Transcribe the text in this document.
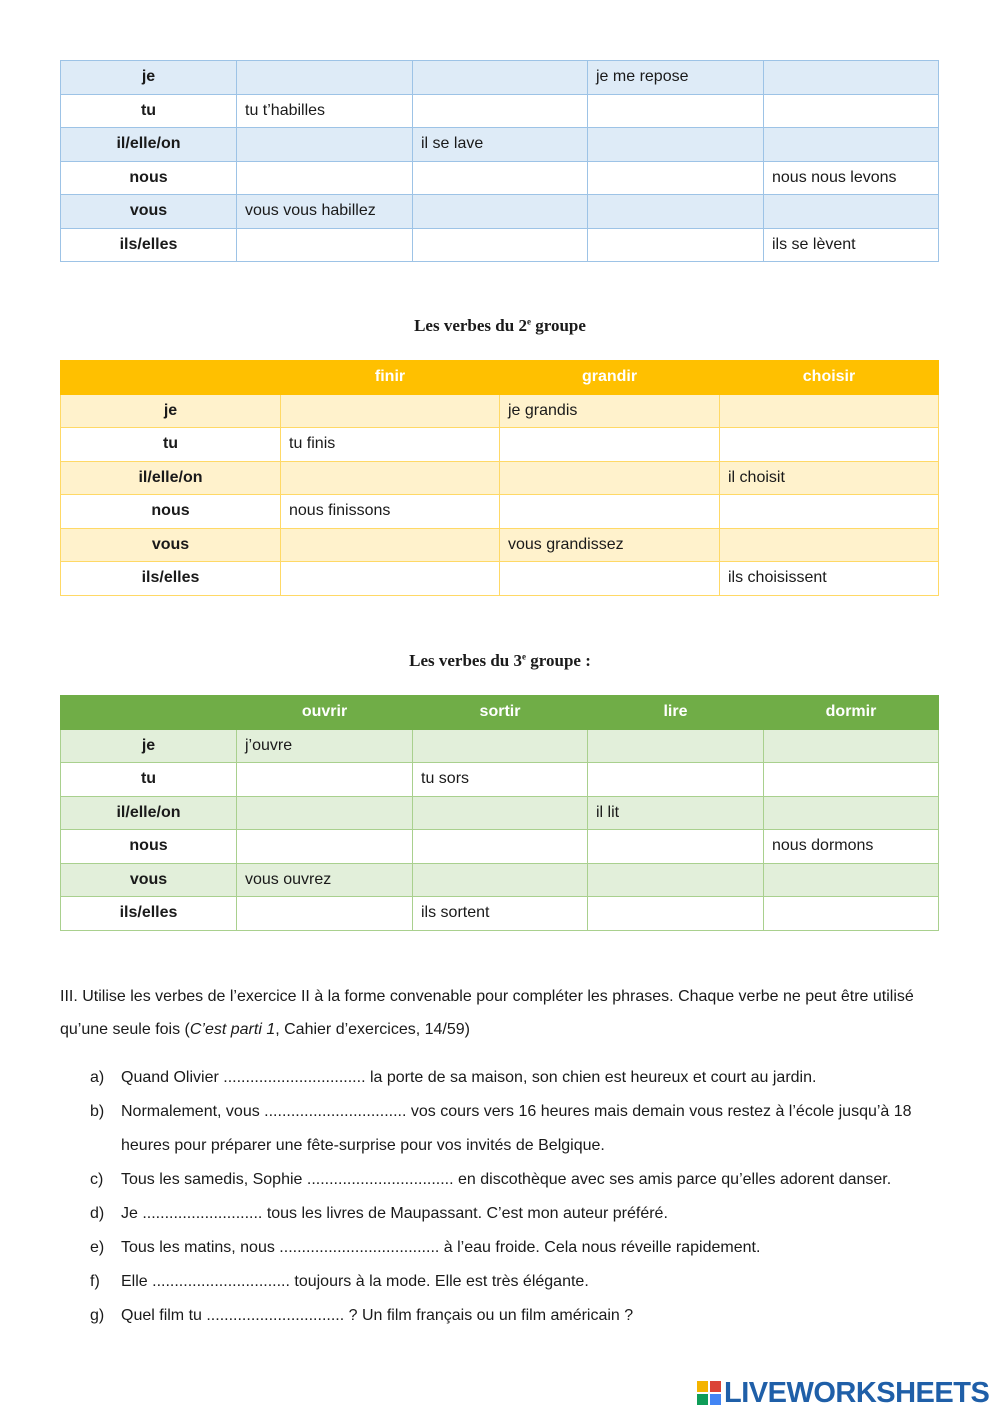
je			je me repose	
tu	tu t’habilles			
il/elle/on		il se lave		
nous				nous nous levons
vous	vous vous habillez			
ils/elles				ils se lèvent
Les verbes du 2e groupe
	finir	grandir	choisir
je		je grandis	
tu	tu finis		
il/elle/on			il choisit
nous	nous finissons		
vous		vous grandissez	
ils/elles			ils choisissent
Les verbes du 3e groupe :
	ouvrir	sortir	lire	dormir
je	j’ouvre			
tu		tu sors		
il/elle/on			il lit	
nous				nous dormons
vous	vous ouvrez			
ils/elles		ils sortent		
III. Utilise les verbes de l’exercice II à la forme convenable pour compléter les phrases. Chaque verbe ne peut être utilisé qu’une seule fois (C’est parti 1, Cahier d’exercices, 14/59)
a)	Quand Olivier ................................ la porte de sa maison, son chien est heureux et court au jardin.
b)	Normalement, vous ................................ vos cours vers 16 heures mais demain vous restez à l’école jusqu’à 18 heures pour préparer une fête-surprise pour vos invités de Belgique.
c)	Tous les samedis, Sophie ................................. en discothèque avec ses amis parce qu’elles adorent danser.
d)	Je ........................... tous les livres de Maupassant. C’est mon auteur préféré.
e)	Tous les matins, nous .................................... à l’eau froide. Cela nous réveille rapidement.
f)	Elle ............................... toujours à la mode. Elle est très élégante.
g)	Quel film tu ............................... ? Un film français ou un film américain ?
LIVEWORKSHEETS
